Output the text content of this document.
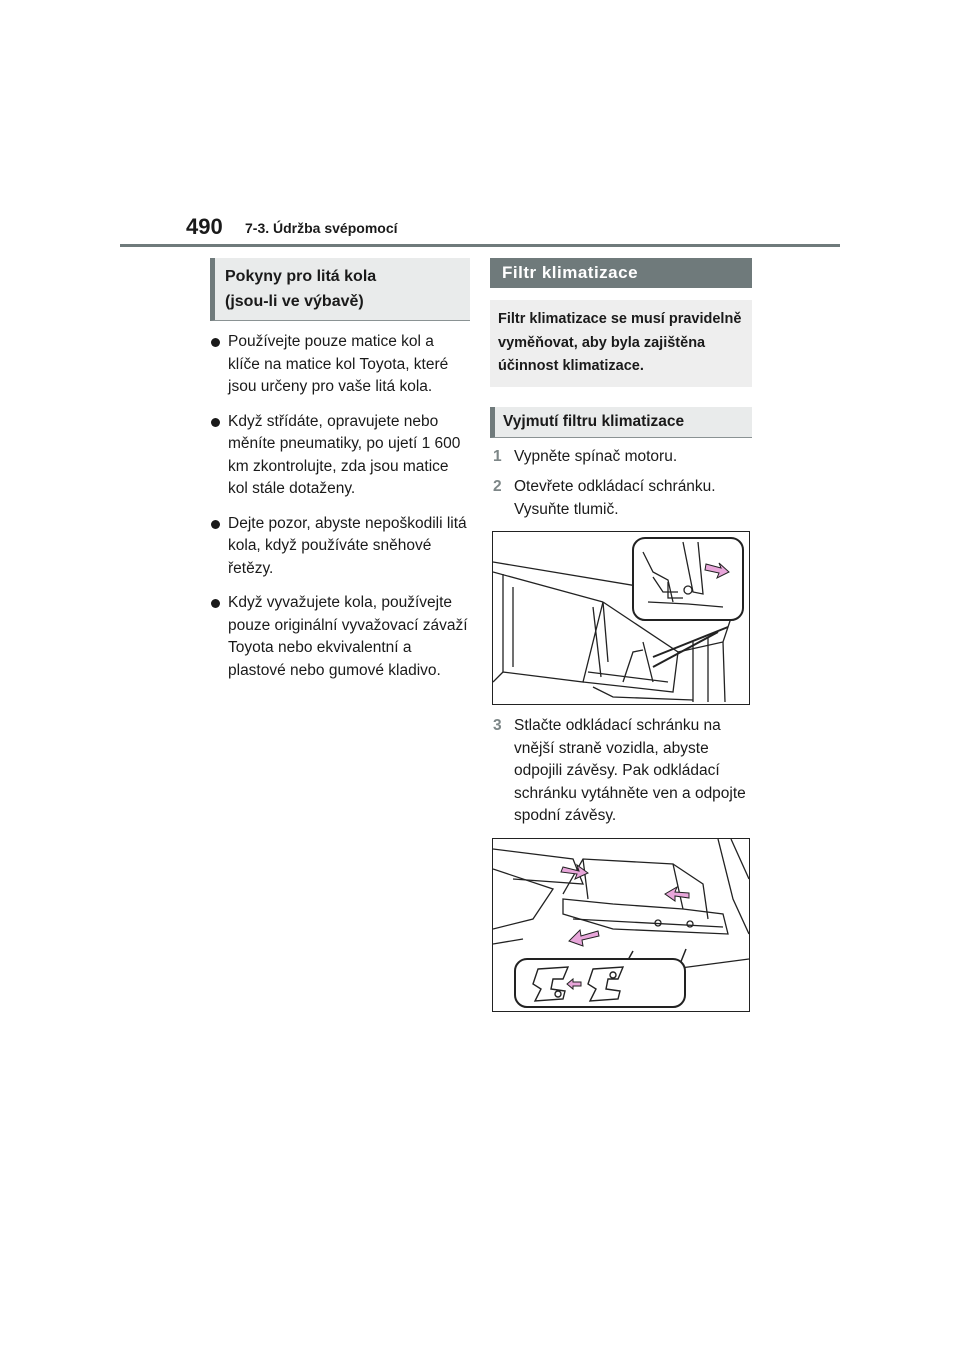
490 7-3. Údržba svépomocí
Pokyny pro litá kola
(jsou-li ve výbavě)
Používejte pouze matice kol a klíče na matice kol Toyota, které jsou určeny pro vaše litá kola.
Když střídáte, opravujete nebo měníte pneumatiky, po ujetí 1 600 km zkontrolujte, zda jsou matice kol stále dotaženy.
Dejte pozor, abyste nepoškodili litá kola, když používáte sněhové řetězy.
Když vyvažujete kola, používejte pouze originální vyvažovací závaží Toyota nebo ekvivalentní a plastové nebo gumové kladivo.
Filtr klimatizace
Filtr klimatizace se musí pravidelně vyměňovat, aby byla zajištěna účinnost klimatizace.
Vyjmutí filtru klimatizace
1 Vypněte spínač motoru.
2 Otevřete odkládací schránku. Vysuňte tlumič.
3 Stlačte odkládací schránku na vnější straně vozidla, abyste odpojili závěsy. Pak odkládací schránku vytáhněte ven a odpojte spodní závěsy.
